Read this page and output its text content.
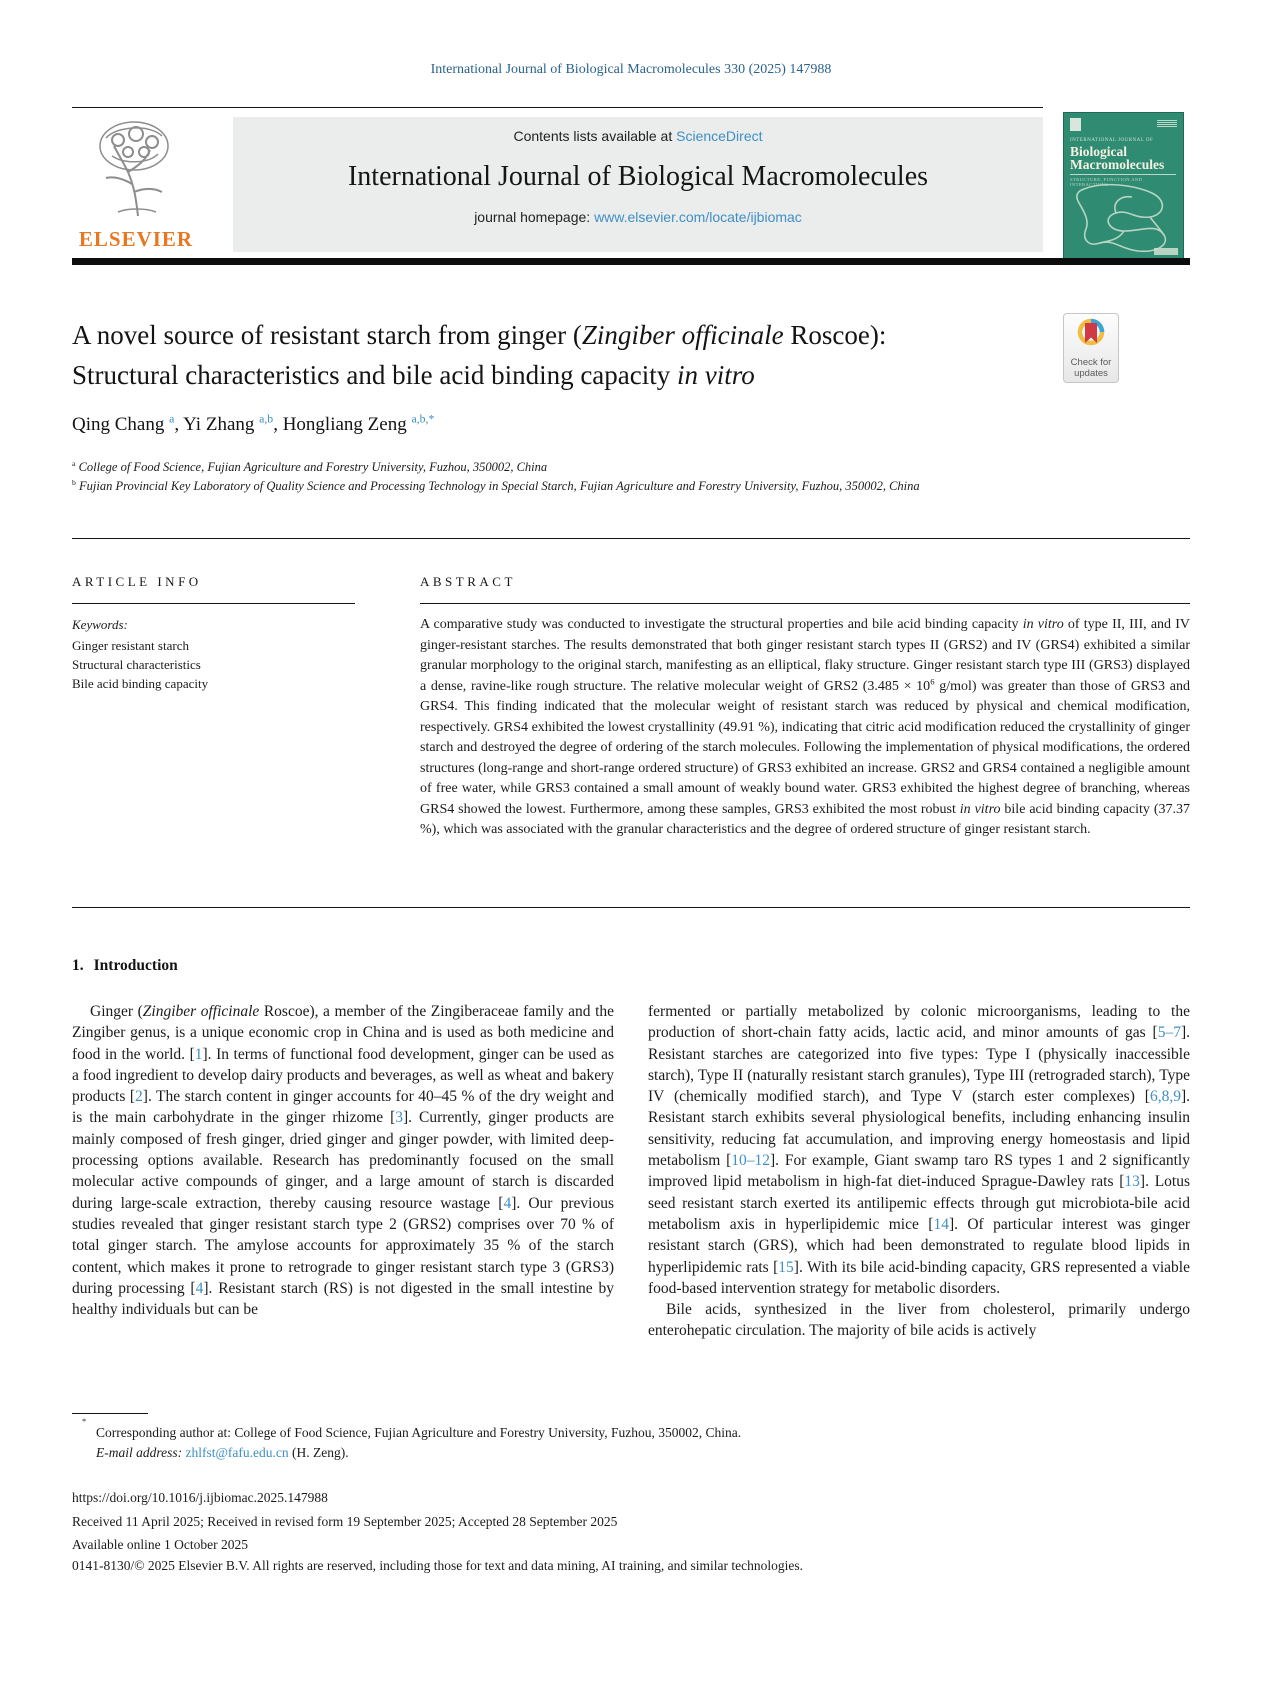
International Journal of Biological Macromolecules 330 (2025) 147988
ELSEVIER
Contents lists available at ScienceDirect
International Journal of Biological Macromolecules
journal homepage: www.elsevier.com/locate/ijbiomac
INTERNATIONAL JOURNAL OF
Biological
Macromolecules
STRUCTURE, FUNCTION AND INTERACTIONS
A novel source of resistant starch from ginger (Zingiber officinale Roscoe):
Structural characteristics and bile acid binding capacity in vitro	Check for
updates
Qing Chang $^a$, Yi Zhang $^{a,b}$, Hongliang Zeng $^{a,b,*}$
$^a$ College of Food Science, Fujian Agriculture and Forestry University, Fuzhou, 350002, China
$^b$ Fujian Provincial Key Laboratory of Quality Science and Processing Technology in Special Starch, Fujian Agriculture and Forestry University, Fuzhou, 350002, China
ARTICLE INFO
Keywords:
Ginger resistant starch
Structural characteristics
Bile acid binding capacity
ABSTRACT

A comparative study was conducted to investigate the structural properties and bile acid binding capacity in vitro of type II, III, and IV ginger-resistant starches. The results demonstrated that both ginger resistant starch types II (GRS2) and IV (GRS4) exhibited a similar granular morphology to the original starch, manifesting as an elliptical, flaky structure. Ginger resistant starch type III (GRS3) displayed a dense, ravine-like rough structure. The relative molecular weight of GRS2 ($3.485 \times 10^6$ g/mol) was greater than those of GRS3 and GRS4. This finding indicated that the molecular weight of resistant starch was reduced by physical and chemical modification, respectively. GRS4 exhibited the lowest crystallinity (49.91 %), indicating that citric acid modification reduced the crystallinity of ginger starch and destroyed the degree of ordering of the starch molecules. Following the implementation of physical modifications, the ordered structures (long-range and short-range ordered structure) of GRS3 exhibited an increase. GRS2 and GRS4 contained a negligible amount of free water, while GRS3 contained a small amount of weakly bound water. GRS3 exhibited the highest degree of branching, whereas GRS4 showed the lowest. Furthermore, among these samples, GRS3 exhibited the most robust in vitro bile acid binding capacity (37.37 %), which was associated with the granular characteristics and the degree of ordered structure of ginger resistant starch.

1. Introduction

Ginger (Zingiber officinale Roscoe), a member of the Zingiberaceae family and the Zingiber genus, is a unique economic crop in China and is used as both medicine and food in the world. [1]. In terms of functional food development, ginger can be used as a food ingredient to develop dairy products and beverages, as well as wheat and bakery products [2]. The starch content in ginger accounts for 40–45 % of the dry weight and is the main carbohydrate in the ginger rhizome [3]. Currently, ginger products are mainly composed of fresh ginger, dried ginger and ginger powder, with limited deep-processing options available. Research has predominantly focused on the small molecular active compounds of ginger, and a large amount of starch is discarded during large-scale extraction, thereby causing resource wastage [4]. Our previous studies revealed that ginger resistant starch type 2 (GRS2) comprises over 70 % of total ginger starch. The amylose accounts for approximately 35 % of the starch content, which makes it prone to retrograde to ginger resistant starch type 3 (GRS3) during processing [4]. Resistant starch (RS) is not digested in the small intestine by healthy individuals but can be

fermented or partially metabolized by colonic microorganisms, leading to the production of short-chain fatty acids, lactic acid, and minor amounts of gas [5–7]. Resistant starches are categorized into five types: Type I (physically inaccessible starch), Type II (naturally resistant starch granules), Type III (retrograded starch), Type IV (chemically modified starch), and Type V (starch ester complexes) [6,8,9]. Resistant starch exhibits several physiological benefits, including enhancing insulin sensitivity, reducing fat accumulation, and improving energy homeostasis and lipid metabolism [10–12]. For example, Giant swamp taro RS types 1 and 2 significantly improved lipid metabolism in high-fat diet-induced Sprague-Dawley rats [13]. Lotus seed resistant starch exerted its antilipemic effects through gut microbiota-bile acid metabolism axis in hyperlipidemic mice [14]. Of particular interest was ginger resistant starch (GRS), which had been demonstrated to regulate blood lipids in hyperlipidemic rats [15]. With its bile acid-binding capacity, GRS represented a viable food-based intervention strategy for metabolic disorders.

Bile acids, synthesized in the liver from cholesterol, primarily undergo enterohepatic circulation. The majority of bile acids is actively

*
Corresponding author at: College of Food Science, Fujian Agriculture and Forestry University, Fuzhou, 350002, China.
E-mail address: zhlfst@fafu.edu.cn (H. Zeng).
https://doi.org/10.1016/j.ijbiomac.2025.147988
Received 11 April 2025; Received in revised form 19 September 2025; Accepted 28 September 2025
Available online 1 October 2025
0141-8130/© 2025 Elsevier B.V. All rights are reserved, including those for text and data mining, AI training, and similar technologies.
